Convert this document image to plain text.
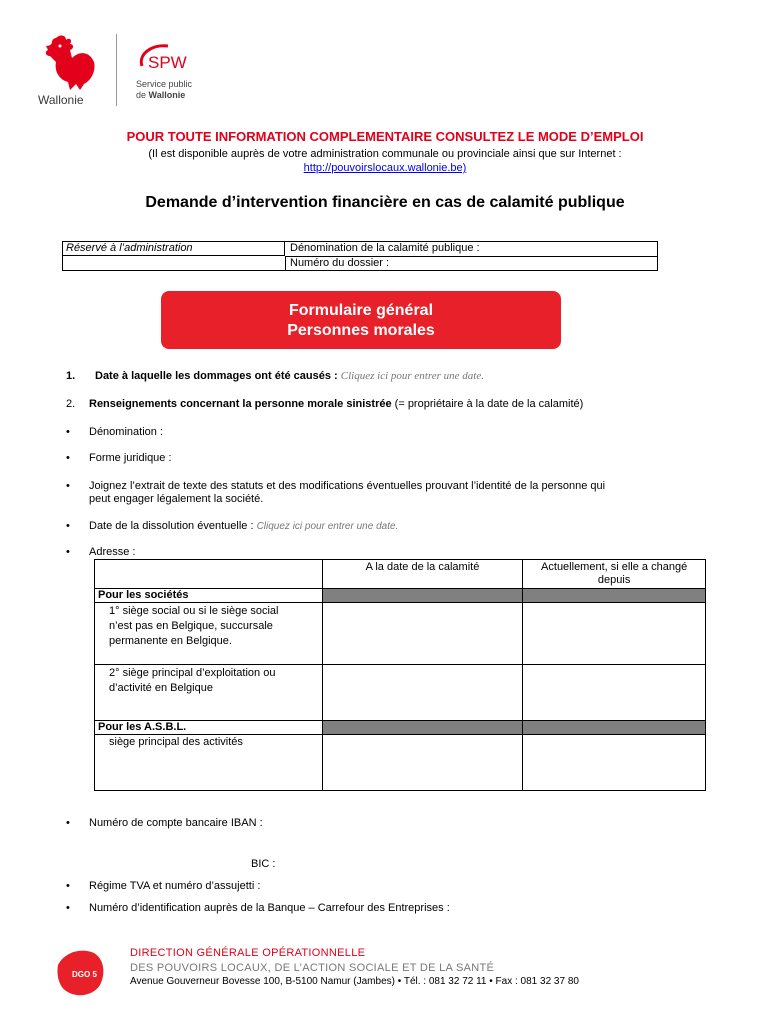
Wallonie
SPW
Service public
de Wallonie
POUR TOUTE INFORMATION COMPLEMENTAIRE CONSULTEZ LE MODE D’EMPLOI
(Il est disponible auprès de votre administration communale ou provinciale ainsi que sur Internet :
http://pouvoirslocaux.wallonie.be)
Demande d’intervention financière en cas de calamité publique
Réservé à l’administration	Dénomination de la calamité publique :
Numéro du dossier :
Formulaire général
Personnes morales
1. Date à laquelle les dommages ont été causés : Cliquez ici pour entrer une date.
2. Renseignements concernant la personne morale sinistrée (= propriétaire à la date de la calamité)
• Dénomination :
• Forme juridique :
• Joignez l’extrait de texte des statuts et des modifications éventuelles prouvant l’identité de la personne qui
peut engager légalement la société.
• Date de la dissolution éventuelle : Cliquez ici pour entrer une date.
• Adresse :
	A la date de la calamité	Actuellement, si elle a changé
depuis

Pour les sociétés		

1° siège social ou si le siège social
n’est pas en Belgique, succursale
permanente en Belgique.		

2° siège principal d’exploitation ou
d’activité en Belgique		

Pour les A.S.B.L.		
siège principal des activités		
• Numéro de compte bancaire IBAN :
BIC :
• Régime TVA et numéro d’assujetti :
• Numéro d’identification auprès de la Banque – Carrefour des Entreprises :
DGO 5
DIRECTION GÉNÉRALE OPÉRATIONNELLE
DES POUVOIRS LOCAUX, DE L’ACTION SOCIALE ET DE LA SANTÉ
Avenue Gouverneur Bovesse 100, B-5100 Namur (Jambes) • Tél. : 081 32 72 11 • Fax : 081 32 37 80
